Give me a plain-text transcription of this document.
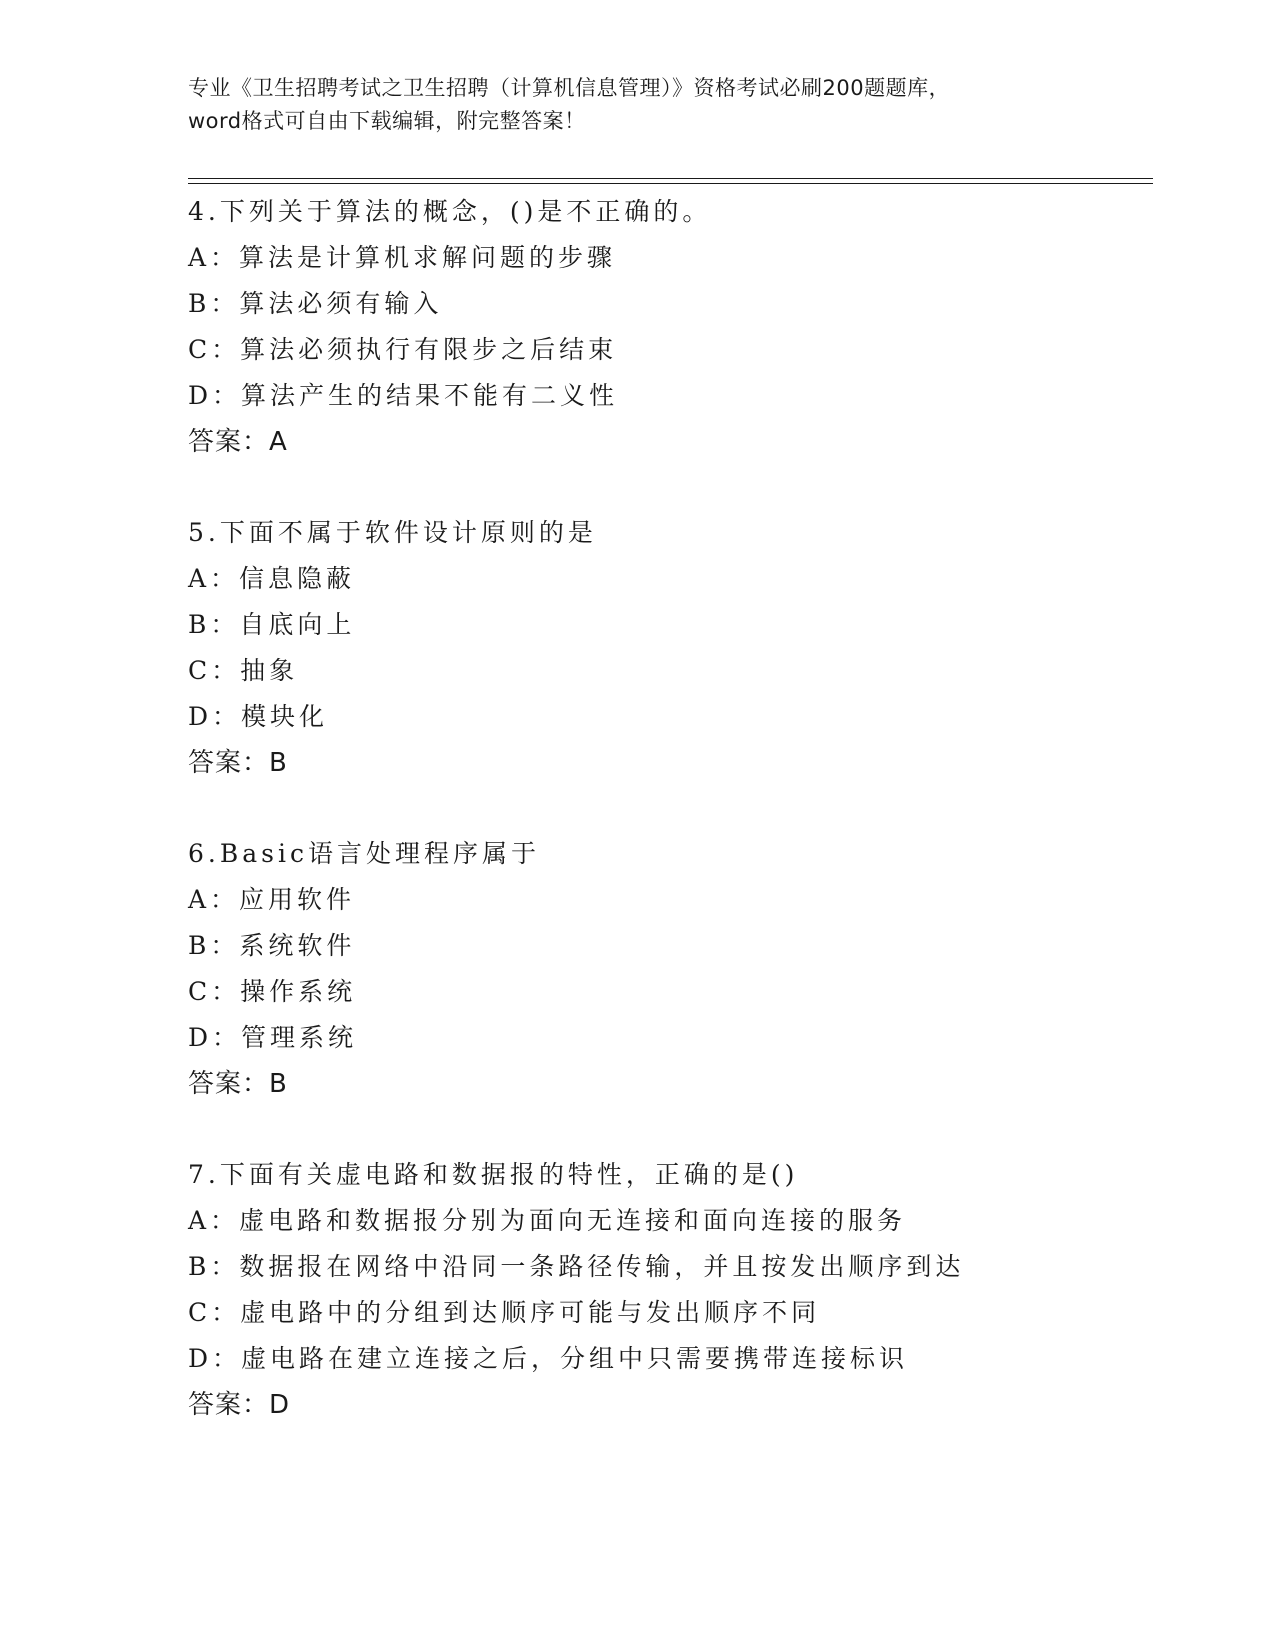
专业《卫生招聘考试之卫生招聘（计算机信息管理）》资格考试必刷200题题库，

word格式可自由下载编辑，附完整答案！

4.下列关于算法的概念，()是不正确的。
A：算法是计算机求解问题的步骤
B：算法必须有输入
C：算法必须执行有限步之后结束
D：算法产生的结果不能有二义性
答案：A
5.下面不属于软件设计原则的是
A：信息隐蔽
B：自底向上
C：抽象
D：模块化
答案：B
6.Basic语言处理程序属于
A：应用软件
B：系统软件
C：操作系统
D：管理系统
答案：B
7.下面有关虚电路和数据报的特性，正确的是()
A：虚电路和数据报分别为面向无连接和面向连接的服务
B：数据报在网络中沿同一条路径传输，并且按发出顺序到达
C：虚电路中的分组到达顺序可能与发出顺序不同
D：虚电路在建立连接之后，分组中只需要携带连接标识
答案：D
